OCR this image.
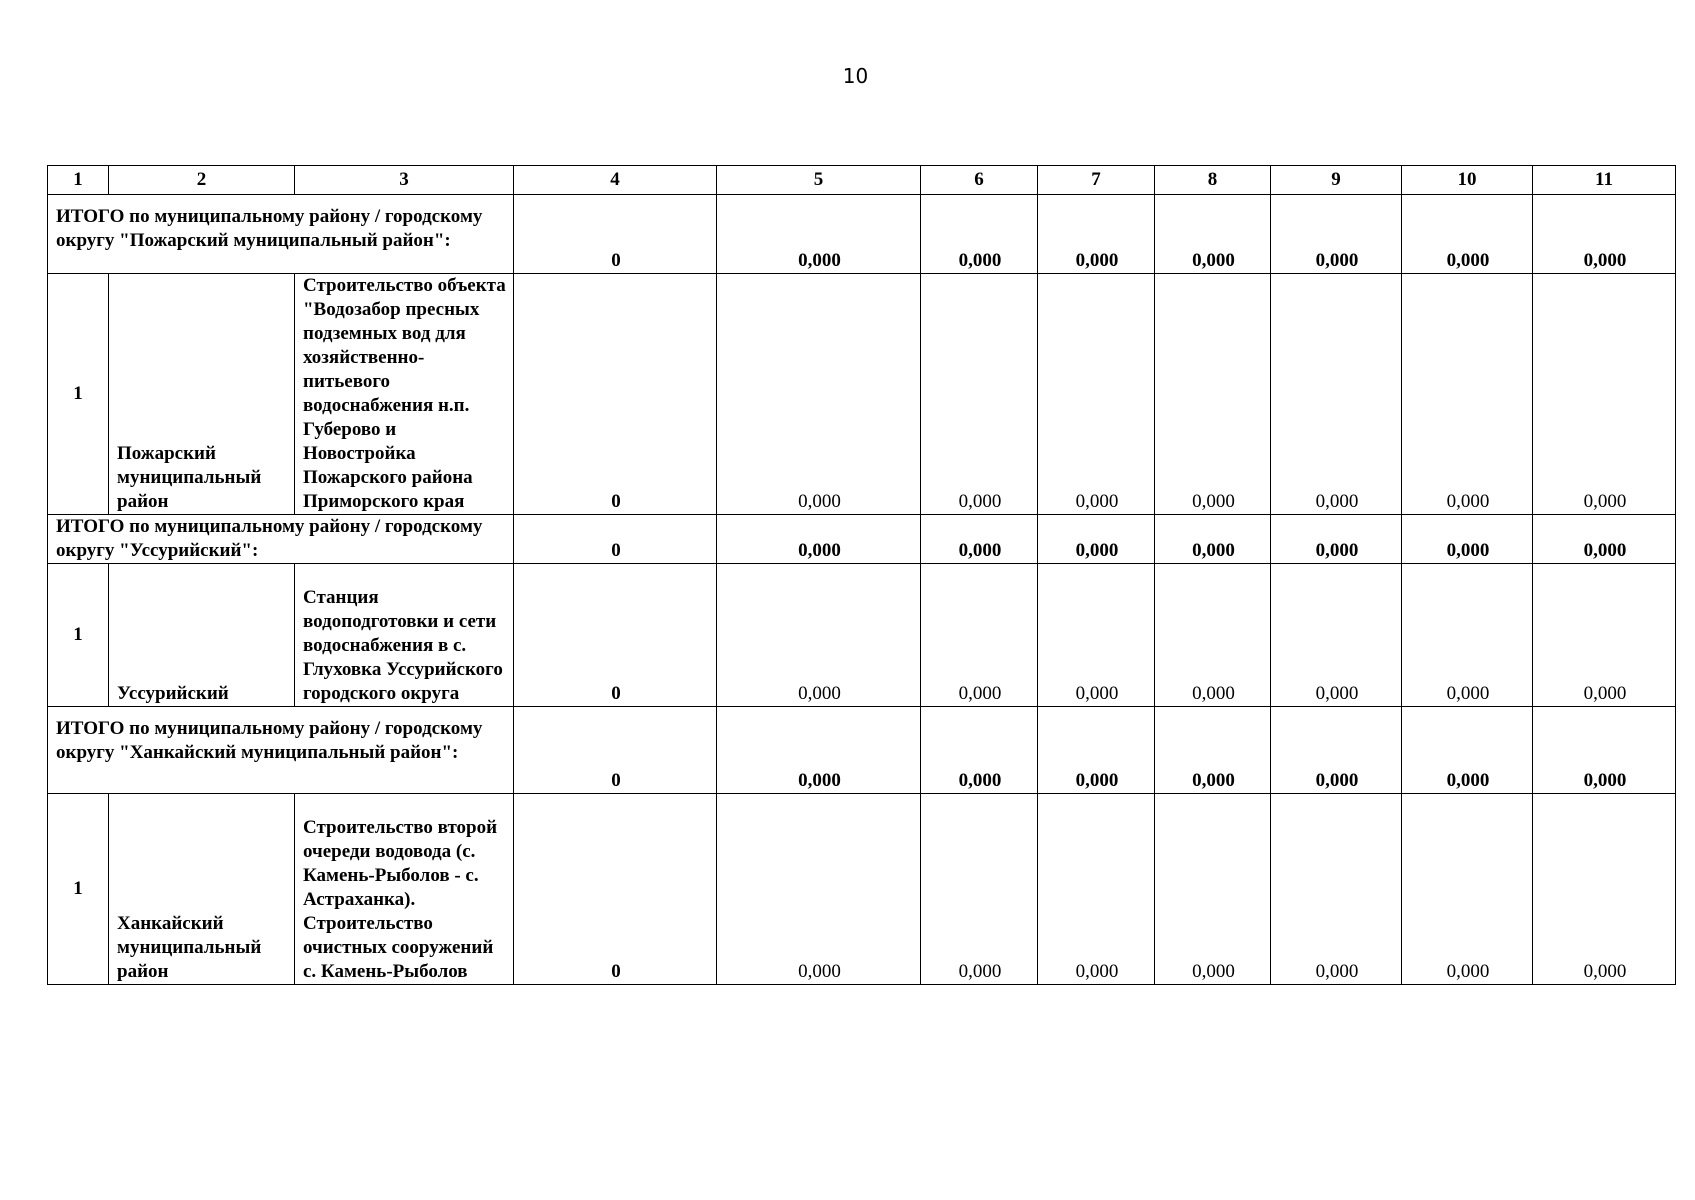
10
1	2	3	4	5	6	7	8	9	10	11
ИТОГО по муниципальному району / городскому округу "Пожарский муниципальный район":			0	0,000	0,000	0,000	0,000	0,000	0,000	0,000
1	Пожарский муниципальный район	Строительство объекта "Водозабор пресных подземных вод для хозяйственно-питьевого водоснабжения н.п. Губерово и Новостройка Пожарского района Приморского края	0	0,000	0,000	0,000	0,000	0,000	0,000	0,000
ИТОГО по муниципальному району / городскому округу "Уссурийский":			0	0,000	0,000	0,000	0,000	0,000	0,000	0,000
1	Уссурийский	Станция водоподготовки и сети водоснабжения в с. Глуховка Уссурийского городского округа	0	0,000	0,000	0,000	0,000	0,000	0,000	0,000
ИТОГО по муниципальному району / городскому округу "Ханкайский муниципальный район":			0	0,000	0,000	0,000	0,000	0,000	0,000	0,000
1	Ханкайский муниципальный район	Строительство второй очереди водовода (с. Камень-Рыболов - с. Астраханка). Строительство очистных сооружений с. Камень-Рыболов	0	0,000	0,000	0,000	0,000	0,000	0,000	0,000
